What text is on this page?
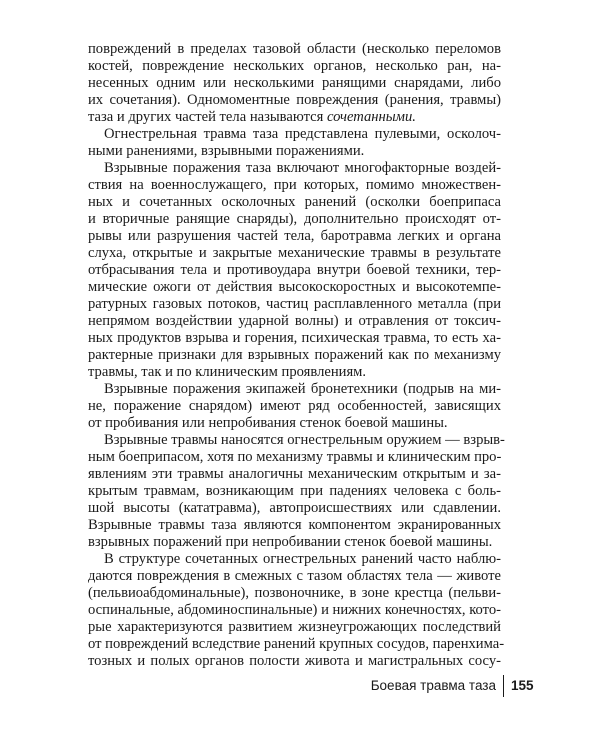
повреждений в пределах тазовой области (несколько переломов
костей, повреждение нескольких органов, несколько ран, на-
несенных одним или несколькими ранящими снарядами, либо
их сочетания). Одномоментные повреждения (ранения, травмы)
таза и других частей тела называются сочетанными.
Огнестрельная травма таза представлена пулевыми, осколоч-
ными ранениями, взрывными поражениями.
Взрывные поражения таза включают многофакторные воздей-
ствия на военнослужащего, при которых, помимо множествен-
ных и сочетанных осколочных ранений (осколки боеприпаса
и вторичные ранящие снаряды), дополнительно происходят от-
рывы или разрушения частей тела, баротравма легких и органа
слуха, открытые и закрытые механические травмы в результате
отбрасывания тела и противоудара внутри боевой техники, тер-
мические ожоги от действия высокоскоростных и высокотемпе-
ратурных газовых потоков, частиц расплавленного металла (при
непрямом воздействии ударной волны) и отравления от токсич-
ных продуктов взрыва и горения, психическая травма, то есть ха-
рактерные признаки для взрывных поражений как по механизму
травмы, так и по клиническим проявлениям.
Взрывные поражения экипажей бронетехники (подрыв на ми-
не, поражение снарядом) имеют ряд особенностей, зависящих
от пробивания или непробивания стенок боевой машины.
Взрывные травмы наносятся огнестрельным оружием — взрыв-
ным боеприпасом, хотя по механизму травмы и клиническим про-
явлениям эти травмы аналогичны механическим открытым и за-
крытым травмам, возникающим при падениях человека с боль-
шой высоты (кататравма), автопроисшествиях или сдавлении.
Взрывные травмы таза являются компонентом экранированных
взрывных поражений при непробивании стенок боевой машины.
В структуре сочетанных огнестрельных ранений часто наблю-
даются повреждения в смежных с тазом областях тела — животе
(пельвиоабдоминальные), позвоночнике, в зоне крестца (пельви-
оспинальные, абдоминоспинальные) и нижних конечностях, кото-
рые характеризуются развитием жизнеугрожающих последствий
от повреждений вследствие ранений крупных сосудов, паренхима-
тозных и полых органов полости живота и магистральных сосу-
Боевая травма таза 155
